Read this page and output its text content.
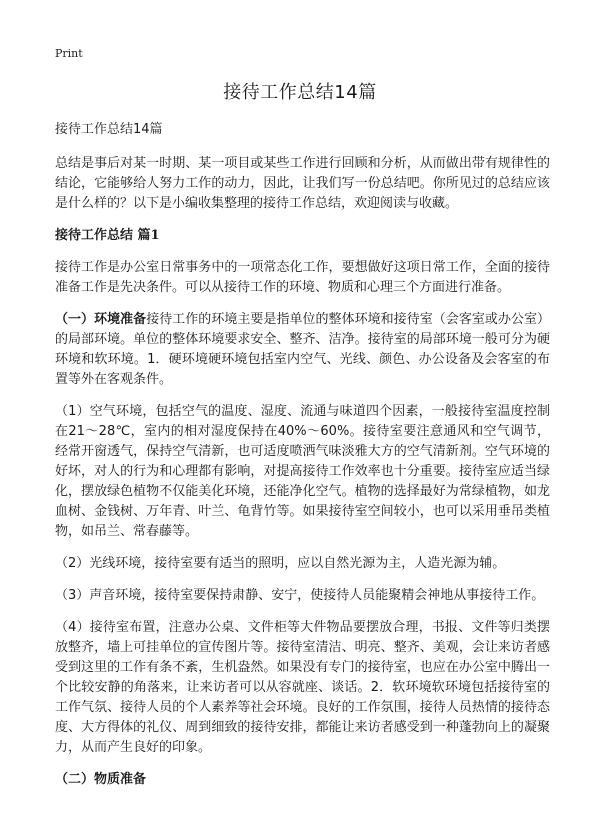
Print
接待工作总结14篇

接待工作总结14篇

总结是事后对某一时期、某一项目或某些工作进行回顾和分析，从而做出带有规律性的结论，它能够给人努力工作的动力，因此，让我们写一份总结吧。你所见过的总结应该是什么样的？以下是小编收集整理的接待工作总结，欢迎阅读与收藏。

接待工作总结 篇1

接待工作是办公室日常事务中的一项常态化工作，要想做好这项日常工作，全面的接待准备工作是先决条件。可以从接待工作的环境、物质和心理三个方面进行准备。

（一）环境准备接待工作的环境主要是指单位的整体环境和接待室（会客室或办公室）的局部环境。单位的整体环境要求安全、整齐、洁净。接待室的局部环境一般可分为硬环境和软环境。1．硬环境硬环境包括室内空气、光线、颜色、办公设备及会客室的布置等外在客观条件。

（1）空气环境，包括空气的温度、湿度、流通与味道四个因素，一般接待室温度控制在21～28℃，室内的相对湿度保持在40%～60%。接待室要注意通风和空气调节，经常开窗透气，保持空气清新，也可适度喷洒气味淡雅大方的空气清新剂。空气环境的好坏，对人的行为和心理都有影响，对提高接待工作效率也十分重要。接待室应适当绿化，摆放绿色植物不仅能美化环境，还能净化空气。植物的选择最好为常绿植物，如龙血树、金钱树、万年青、叶兰、龟背竹等。如果接待室空间较小，也可以采用垂吊类植物，如吊兰、常春藤等。

（2）光线环境，接待室要有适当的照明，应以自然光源为主，人造光源为辅。

（3）声音环境，接待室要保持肃静、安宁，使接待人员能聚精会神地从事接待工作。

（4）接待室布置，注意办公桌、文件柜等大件物品要摆放合理，书报、文件等归类摆放整齐，墙上可挂单位的宣传图片等。接待室清洁、明亮、整齐、美观，会让来访者感受到这里的工作有条不紊，生机盎然。如果没有专门的接待室，也应在办公室中腾出一个比较安静的角落来，让来访者可以从容就座、谈话。2．软环境软环境包括接待室的工作气氛、接待人员的个人素养等社会环境。良好的工作氛围，接待人员热情的接待态度、大方得体的礼仪、周到细致的接待安排，都能让来访者感受到一种蓬勃向上的凝聚力，从而产生良好的印象。

（二）物质准备
